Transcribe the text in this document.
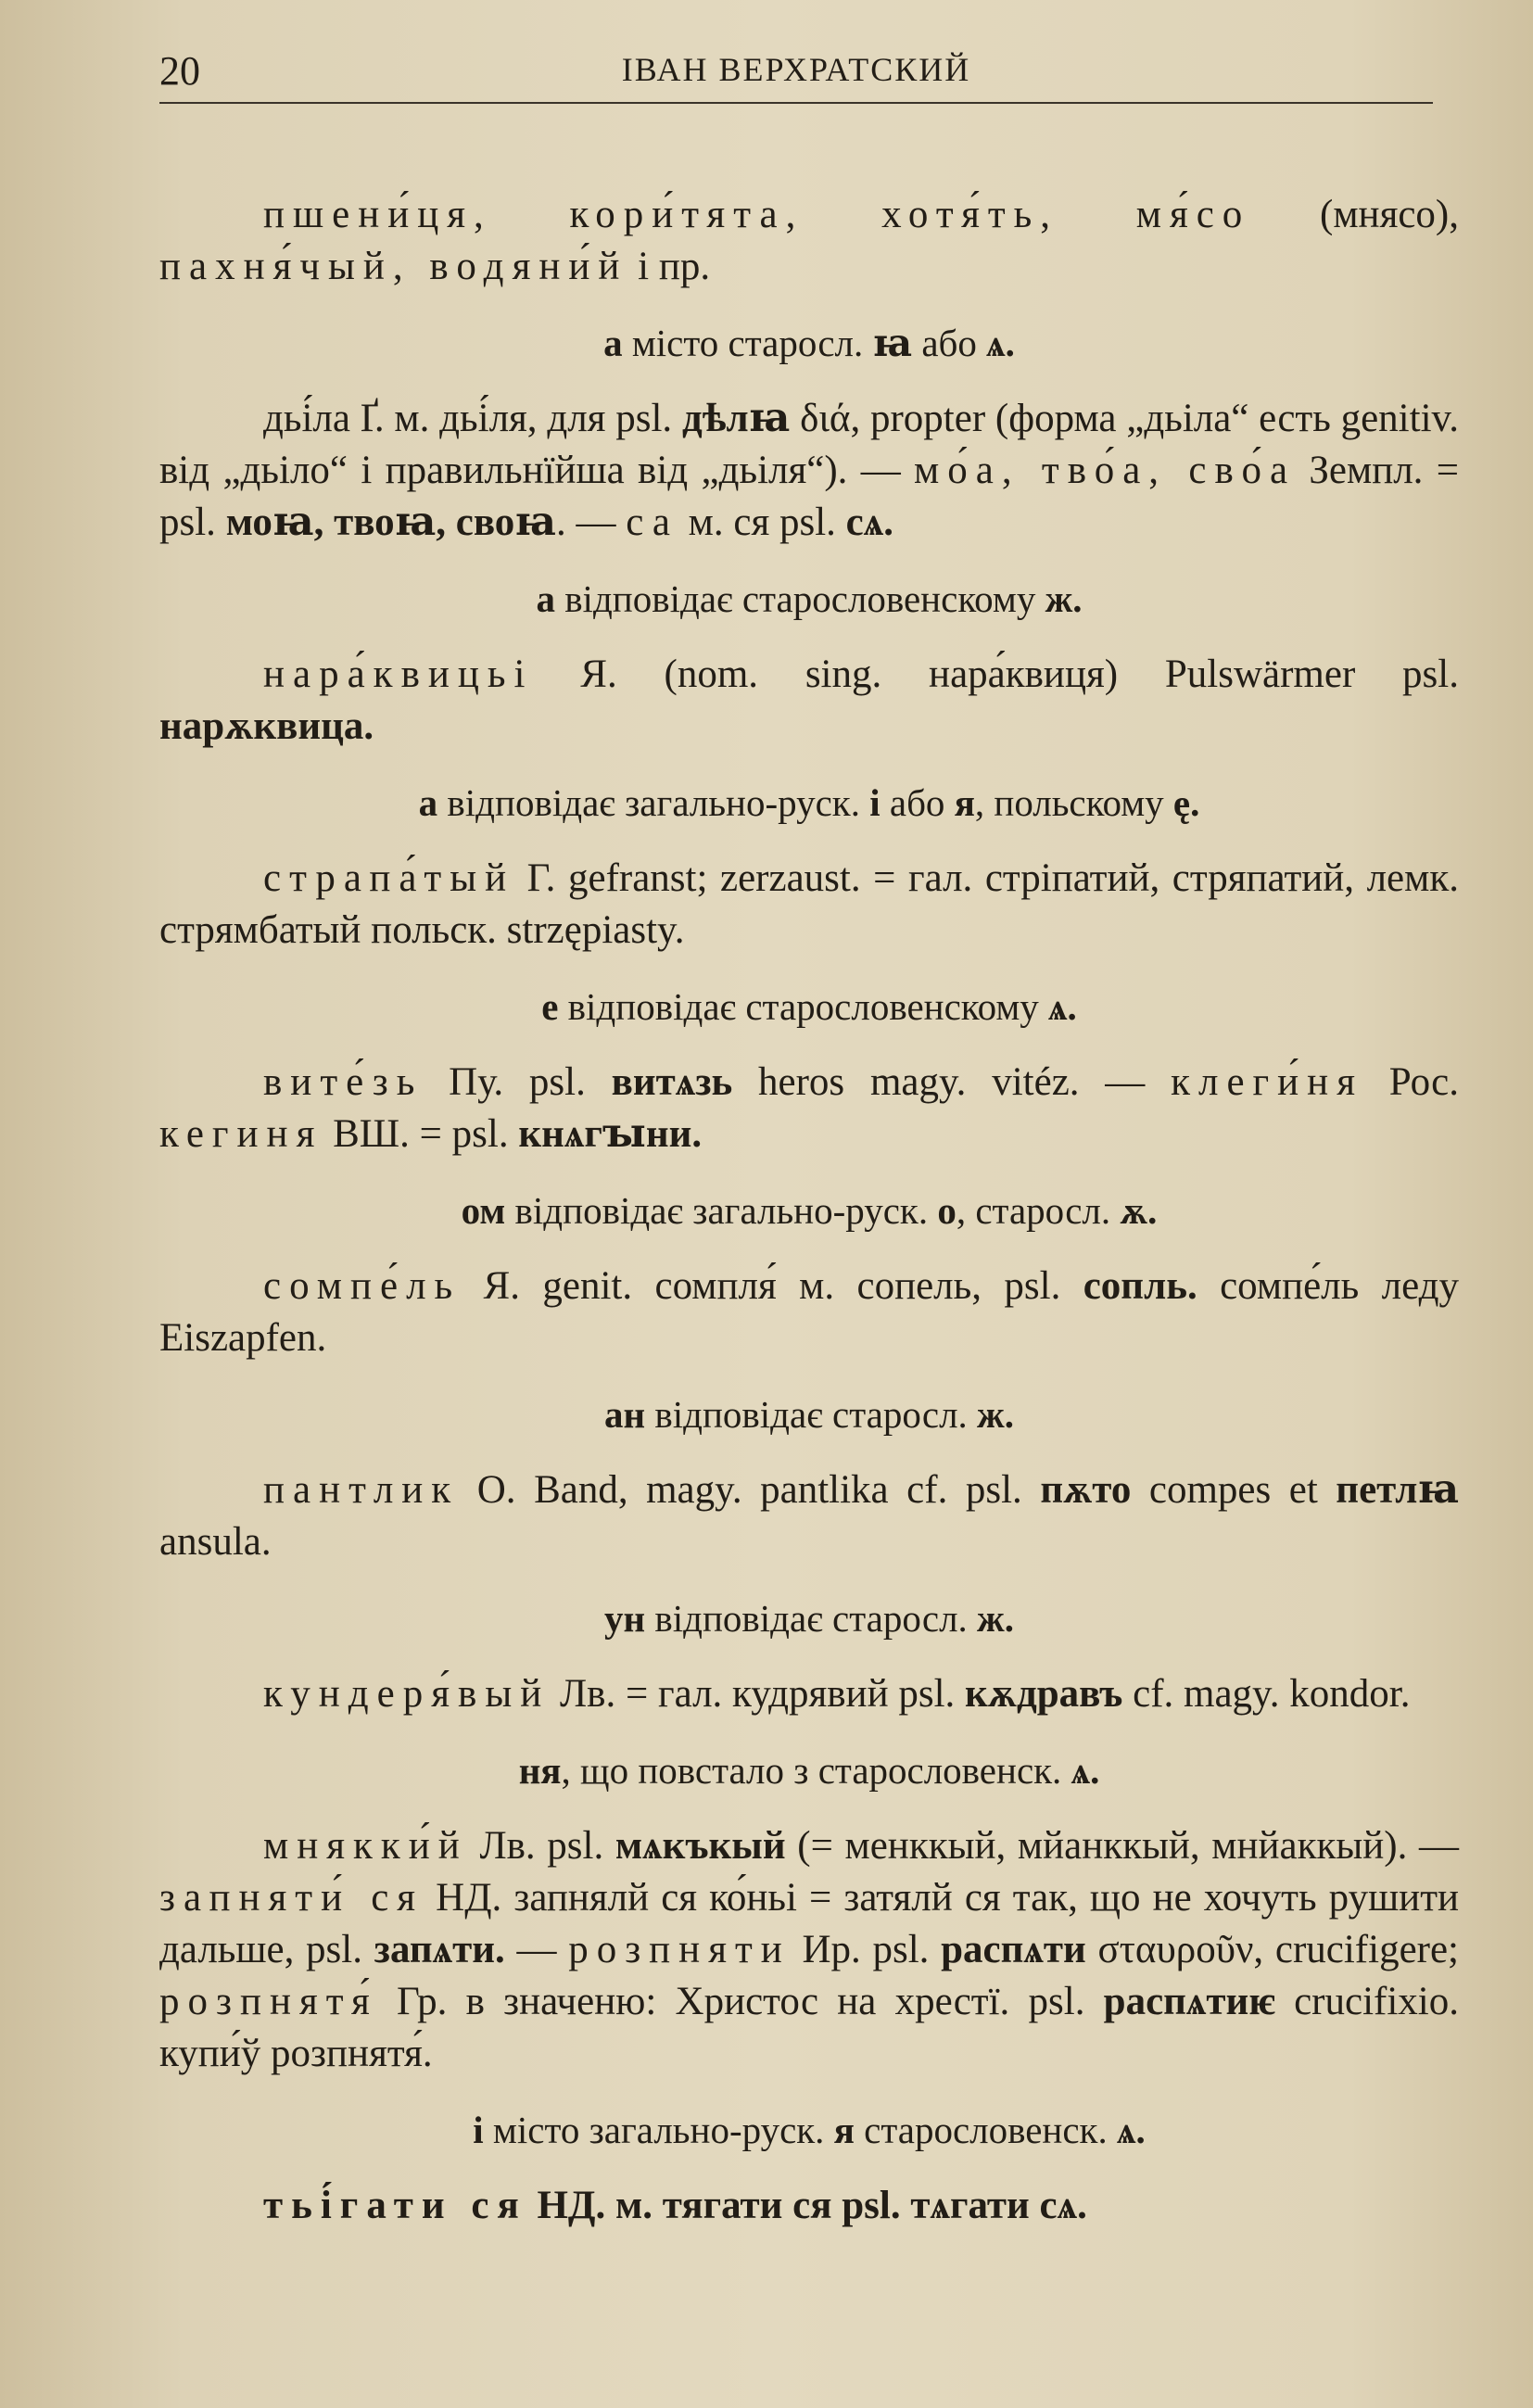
20	ІВАН ВЕРХРАТСКИЙ

пшени́ця, кори́тята, хотя́ть, мя́со (мнясо), пахня́чый, водяни́й і пр.

а місто старосл. ꙗ або ѧ.

дьі́ла Ґ. м. дьі́ля, для psl. дѣлꙗ διά, propter (форма „дьіла“ есть genitiv. від „дьіло“ і правильнїйша від „дьіля“). — мо́а, тво́а, сво́а Земпл. = psl. моꙗ, твоꙗ, своꙗ. — са м. ся psl. сѧ.

а відповідає староcловенскому ж.

нара́квицьі Я. (nom. sing. нара́квиця) Pulswärmer psl. нарѫквица.

а відповідає загально-руск. і або я, польскому ę.

страпа́тый Г. gefranst; zerzaust. = гал. стріпатий, стряпатий, лемк. стрямбатый польск. strzępiasty.

е відповідає староcловенскому ѧ.

вите́зь Пу. psl. витѧзь heros magy. vitéz. — клеги́ня Рос. кегиня ВШ. = psl. кнѧгꙑни.

ом відповідає загально-руск. о, старосл. ѫ.

сомпе́ль Я. genit. сомпля́ м. сопель, psl. сопль. сомпе́ль леду Eiszapfen.

ан відповідає старосл. ж.

пантлик О. Band, magy. pantlika cf. psl. пѫто compes et петлꙗ ansula.

ун відповідає старосл. ж.

кундеря́вый Лв. = гал. кудрявий psl. кѫдравъ cf. magy. kondor.

ня, що повстало з староcловенск. ѧ.

мнякки́й Лв. psl. мѧкъкый (= менккый, мйанккый, мнйаккый). — запняти́ ся НД. запнялй ся ко́ньі = затялй ся так, що не хочуть рушити дальше, psl. запѧти. — розпняти Ир. psl. распѧти σταυροῦν, crucifigere; розпнятя́ Гр. в значеню: Христос на хрестї. psl. распѧтиѥ crucifixio. купи́ў розпнятя́.

і місто загально-руск. я староcловенск. ѧ.

тьі́гати ся НД. м. тягати ся psl. тѧгати сѧ.
